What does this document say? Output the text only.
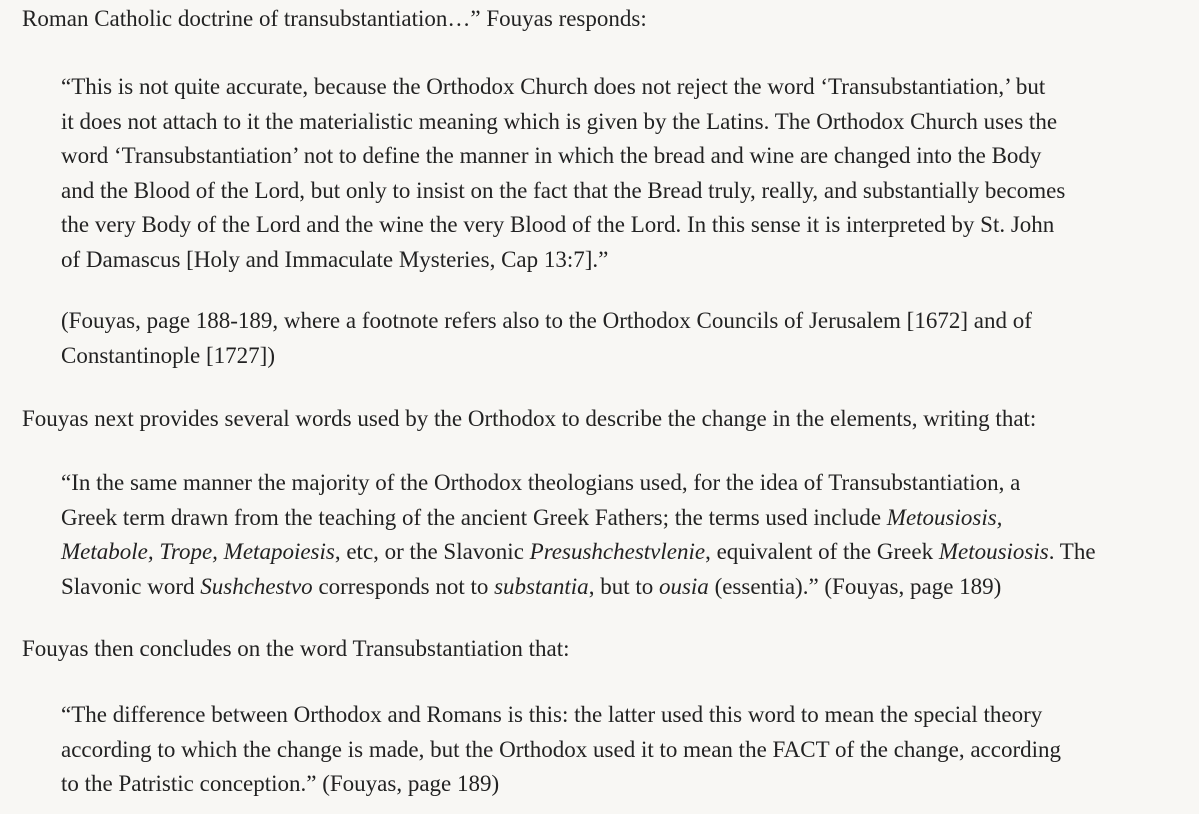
Roman Catholic doctrine of transubstantiation…” Fouyas responds:

“This is not quite accurate, because the Orthodox Church does not reject the word ‘Transubstantiation,’ but
it does not attach to it the materialistic meaning which is given by the Latins. The Orthodox Church uses the
word ‘Transubstantiation’ not to define the manner in which the bread and wine are changed into the Body
and the Blood of the Lord, but only to insist on the fact that the Bread truly, really, and substantially becomes
the very Body of the Lord and the wine the very Blood of the Lord. In this sense it is interpreted by St. John
of Damascus [Holy and Immaculate Mysteries, Cap 13:7].”

(Fouyas, page 188-189, where a footnote refers also to the Orthodox Councils of Jerusalem [1672] and of
Constantinople [1727])

Fouyas next provides several words used by the Orthodox to describe the change in the elements, writing that:

“In the same manner the majority of the Orthodox theologians used, for the idea of Transubstantiation, a
Greek term drawn from the teaching of the ancient Greek Fathers; the terms used include Metousiosis,
Metabole, Trope, Metapoiesis, etc, or the Slavonic Presushchestvlenie, equivalent of the Greek Metousiosis. The
Slavonic word Sushchestvo corresponds not to substantia, but to ousia (essentia).” (Fouyas, page 189)

Fouyas then concludes on the word Transubstantiation that:

“The difference between Orthodox and Romans is this: the latter used this word to mean the special theory
according to which the change is made, but the Orthodox used it to mean the FACT of the change, according
to the Patristic conception.” (Fouyas, page 189)
